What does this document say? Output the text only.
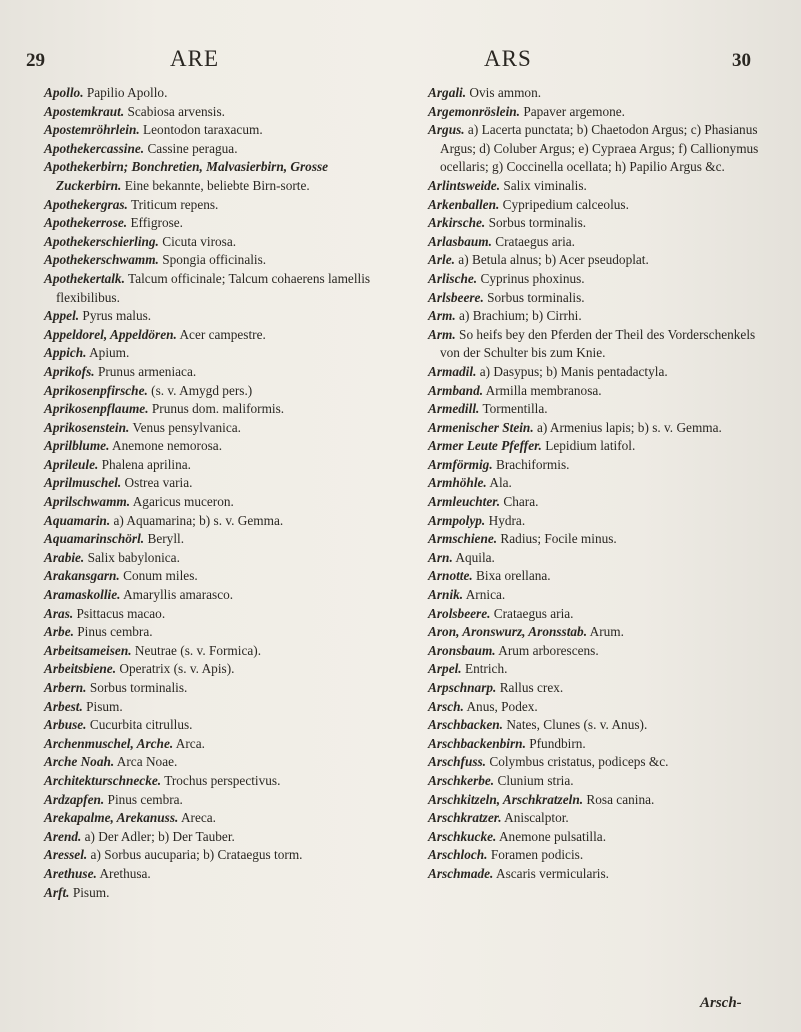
29	ARE	ARS	30

Apollo. Papilio Apollo.

Apostemkraut. Scabiosa arvensis.

Apostemröhrlein. Leontodon taraxacum.

Apothekercassine. Cassine peragua.

Apothekerbirn; Bonchretien, Malvasierbirn, Grosse Zuckerbirn. Eine bekannte, beliebte Birn-sorte.

Apothekergras. Triticum repens.

Apothekerrose. Effigrose.

Apothekerschierling. Cicuta virosa.

Apothekerschwamm. Spongia officinalis.

Apothekertalk. Talcum officinale; Talcum cohaerens lamellis flexibilibus.

Appel. Pyrus malus.

Appeldorel, Appeldören. Acer campestre.

Appich. Apium.

Aprikofs. Prunus armeniaca.

Aprikosenpfirsche. (s. v. Amygd pers.)

Aprikosenpflaume. Prunus dom. maliformis.

Aprikosenstein. Venus pensylvanica.

Aprilblume. Anemone nemorosa.

Aprileule. Phalena aprilina.

Aprilmuschel. Ostrea varia.

Aprilschwamm. Agaricus muceron.

Aquamarin. a) Aquamarina; b) s. v. Gemma.

Aquamarinschörl. Beryll.

Arabie. Salix babylonica.

Arakansgarn. Conum miles.

Aramaskollie. Amaryllis amarasco.

Aras. Psittacus macao.

Arbe. Pinus cembra.

Arbeitsameisen. Neutrae (s. v. Formica).

Arbeitsbiene. Operatrix (s. v. Apis).

Arbern. Sorbus torminalis.

Arbest. Pisum.

Arbuse. Cucurbita citrullus.

Archenmuschel, Arche. Arca.

Arche Noah. Arca Noae.

Architekturschnecke. Trochus perspectivus.

Ardzapfen. Pinus cembra.

Arekapalme, Arekanuss. Areca.

Arend. a) Der Adler; b) Der Tauber.

Aressel. a) Sorbus aucuparia; b) Crataegus torm.

Arethuse. Arethusa.

Arft. Pisum.

Argali. Ovis ammon.

Argemonröslein. Papaver argemone.

Argus. a) Lacerta punctata; b) Chaetodon Argus; c) Phasianus Argus; d) Coluber Argus; e) Cypraea Argus; f) Callionymus ocellaris; g) Coccinella ocellata; h) Papilio Argus &c.

Arlintsweide. Salix viminalis.

Arkenballen. Cypripedium calceolus.

Arkirsche. Sorbus torminalis.

Arlasbaum. Crataegus aria.

Arle. a) Betula alnus; b) Acer pseudoplat.

Arlische. Cyprinus phoxinus.

Arlsbeere. Sorbus torminalis.

Arm. a) Brachium; b) Cirrhi.

Arm. So heifs bey den Pferden der Theil des Vorderschenkels von der Schulter bis zum Knie.

Armadil. a) Dasypus; b) Manis pentadactyla.

Armband. Armilla membranosa.

Armedill. Tormentilla.

Armenischer Stein. a) Armenius lapis; b) s. v. Gemma.

Armer Leute Pfeffer. Lepidium latifol.

Armförmig. Brachiformis.

Armhöhle. Ala.

Armleuchter. Chara.

Armpolyp. Hydra.

Armschiene. Radius; Focile minus.

Arn. Aquila.

Arnotte. Bixa orellana.

Arnik. Arnica.

Arolsbeere. Crataegus aria.

Aron, Aronswurz, Aronsstab. Arum.

Aronsbaum. Arum arborescens.

Arpel. Entrich.

Arpschnarp. Rallus crex.

Arsch. Anus, Podex.

Arschbacken. Nates, Clunes (s. v. Anus).

Arschbackenbirn. Pfundbirn.

Arschfuss. Colymbus cristatus, podiceps &c.

Arschkerbe. Clunium stria.

Arschkitzeln, Arschkratzeln. Rosa canina.

Arschkratzer. Aniscalptor.

Arschkucke. Anemone pulsatilla.

Arschloch. Foramen podicis.

Arschmade. Ascaris vermicularis.

Arsch-
